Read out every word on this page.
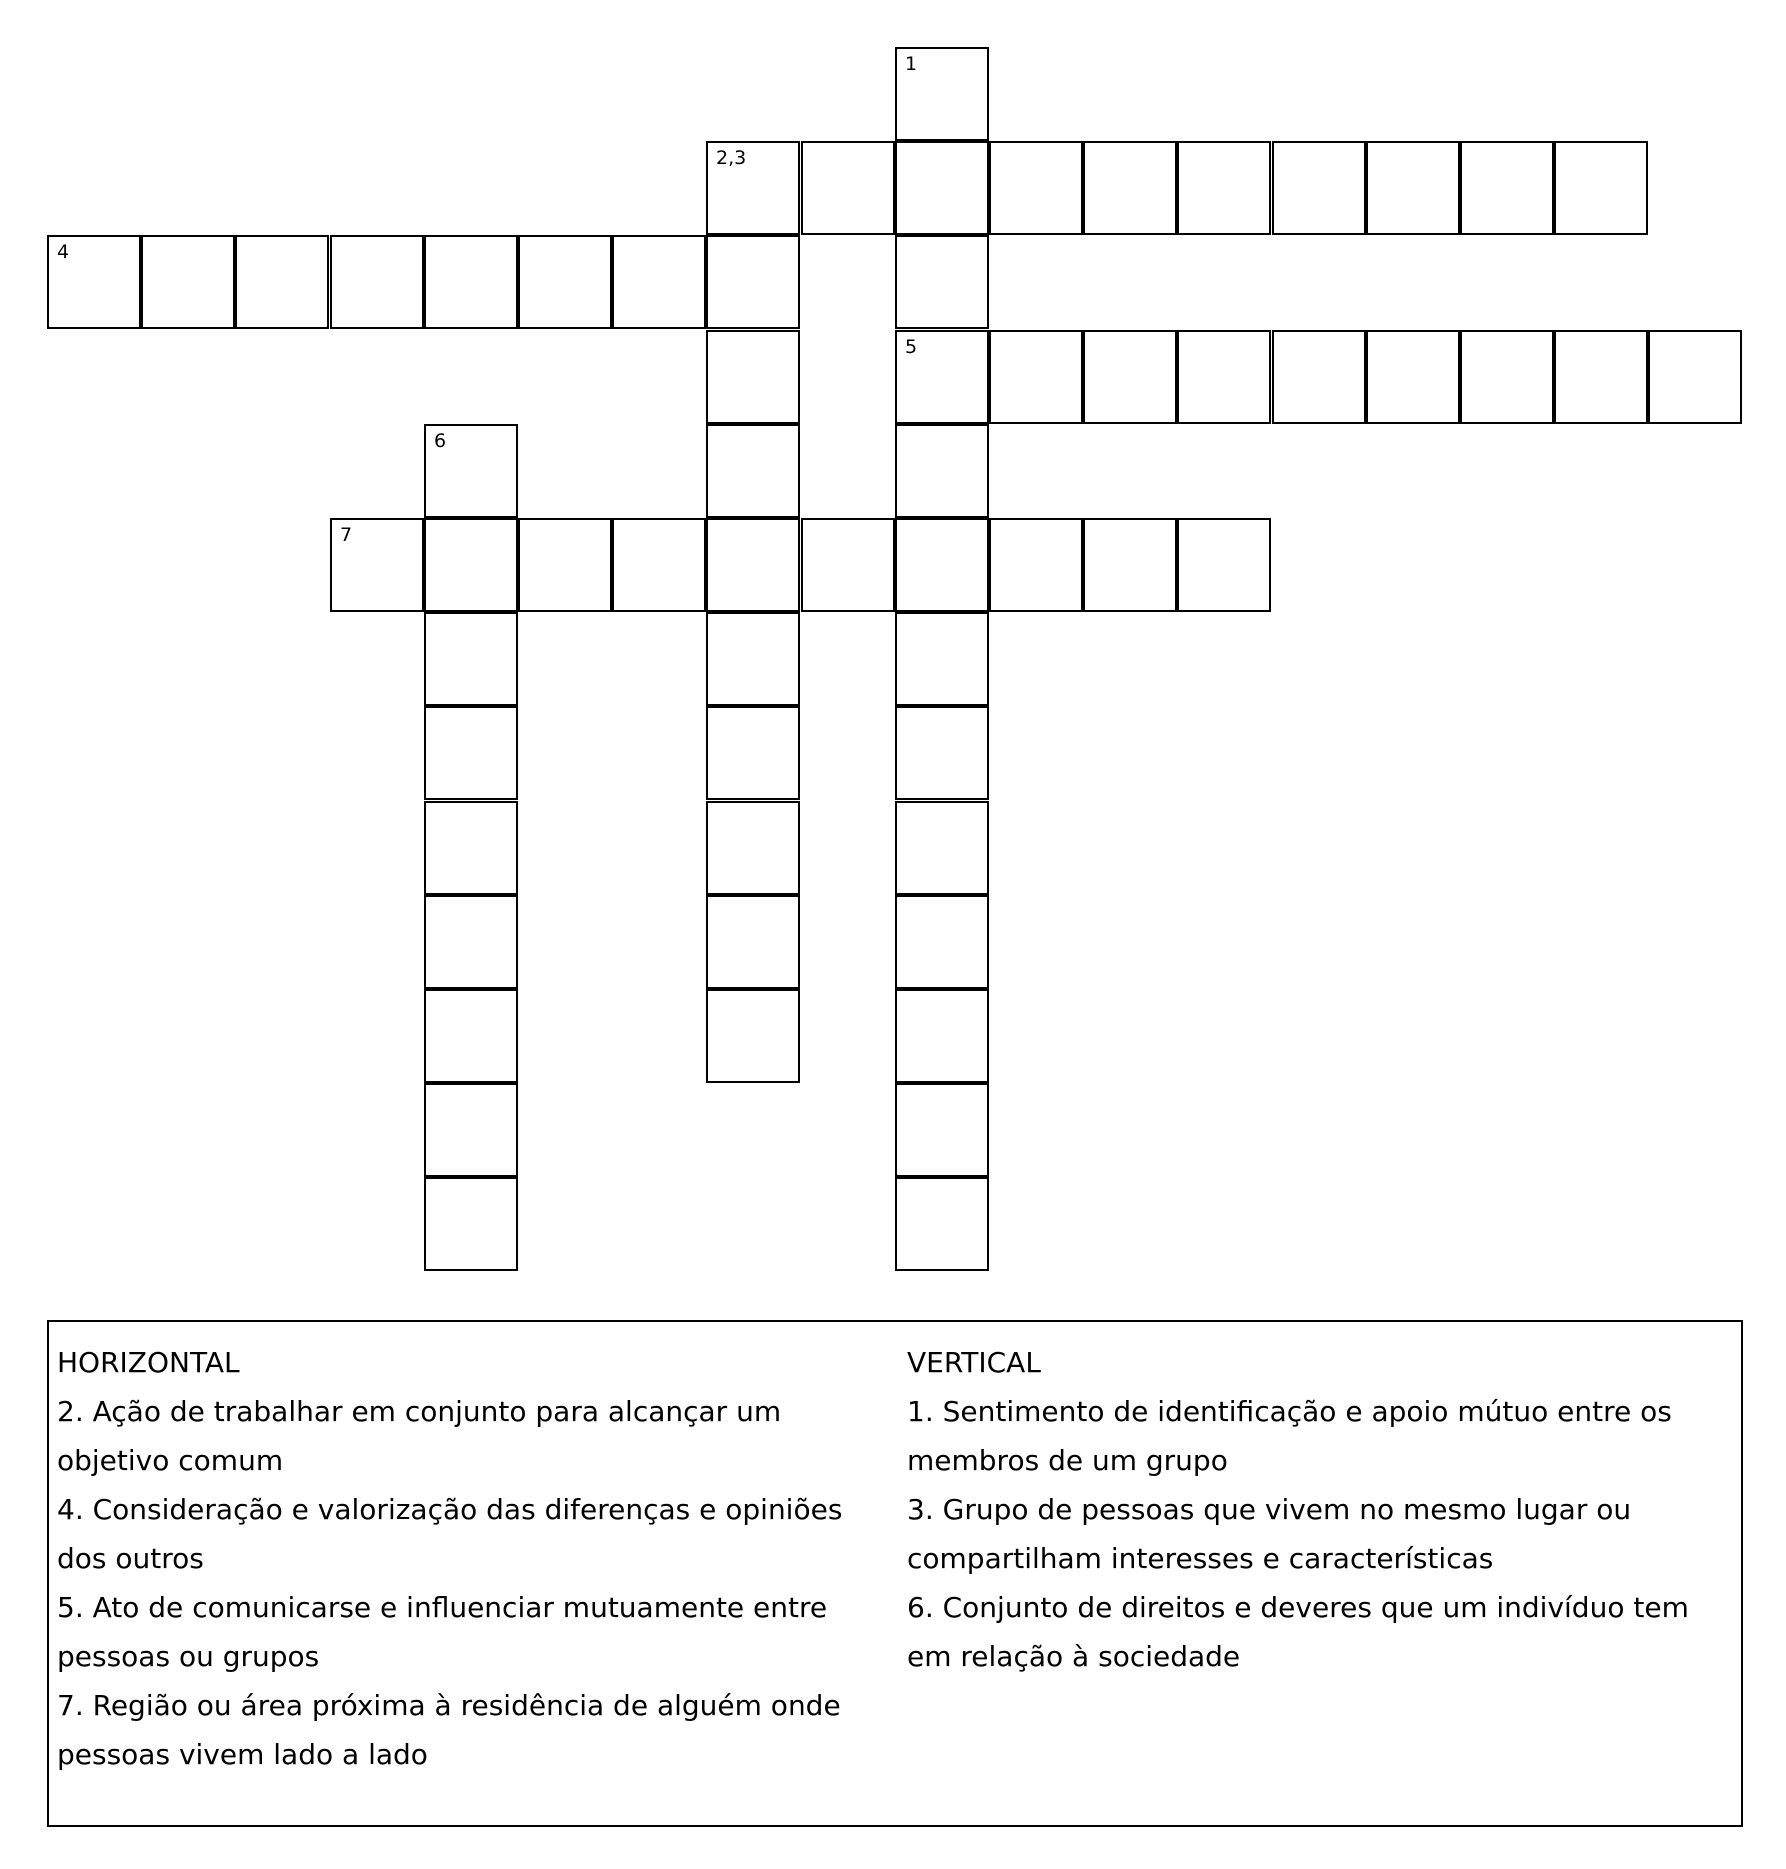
1
5
2,3
4
6
7
HORIZONTAL
2. Ação de trabalhar em conjunto para alcançar um objetivo comum
4. Consideração e valorização das diferenças e opiniões dos outros
5. Ato de comunicarse e influenciar mutuamente entre pessoas ou grupos
7. Região ou área próxima à residência de alguém onde pessoas vivem lado a lado
VERTICAL
1. Sentimento de identificação e apoio mútuo entre os membros de um grupo
3. Grupo de pessoas que vivem no mesmo lugar ou compartilham interesses e características
6. Conjunto de direitos e deveres que um indivíduo tem em relação à sociedade
